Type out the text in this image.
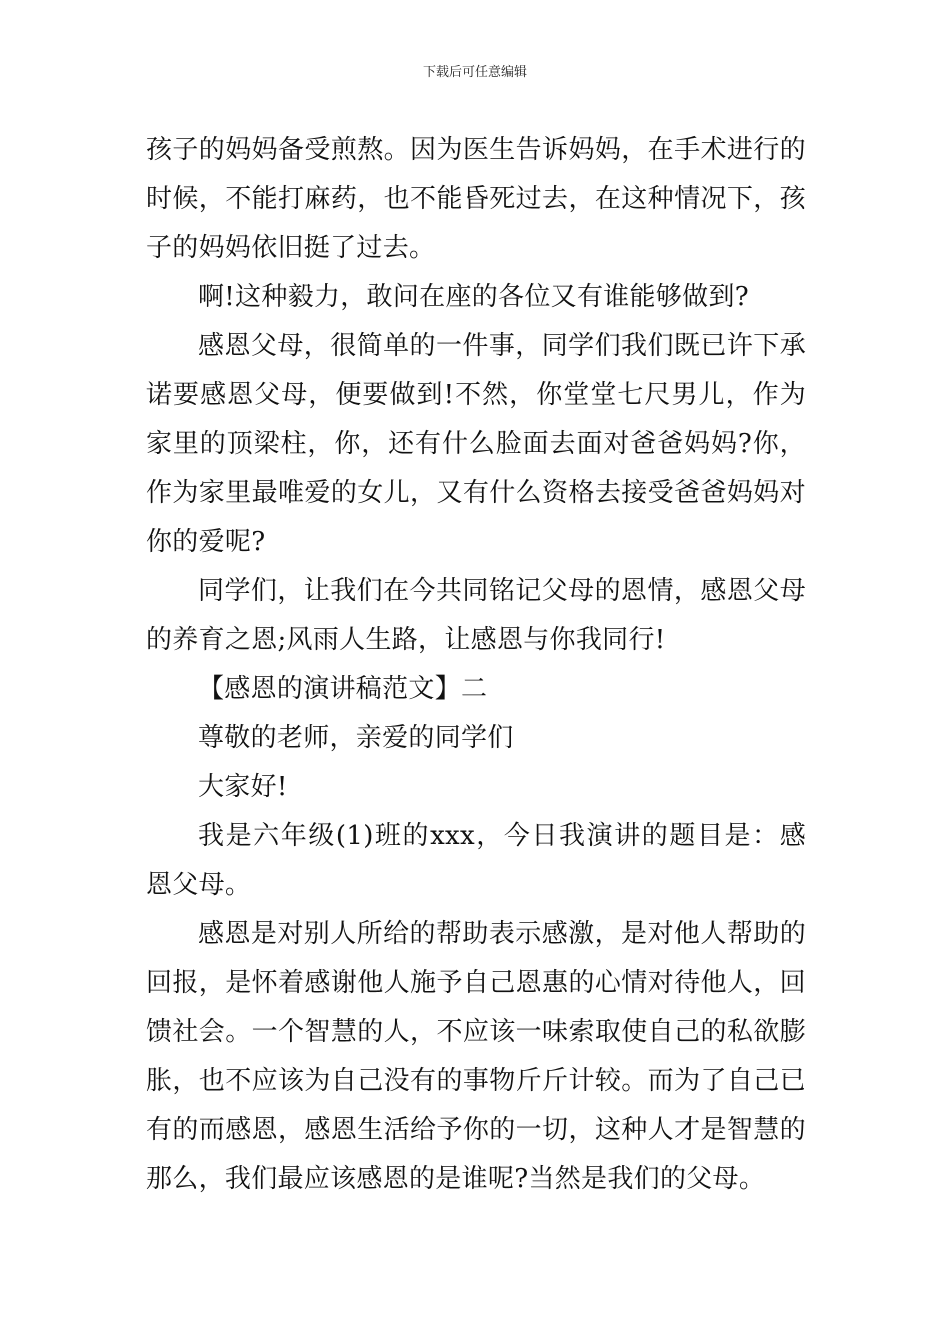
下载后可任意编辑

孩子的妈妈备受煎熬。因为医生告诉妈妈，在手术进行的时候，不能打麻药，也不能昏死过去，在这种情况下，孩子的妈妈依旧挺了过去。

啊!这种毅力，敢问在座的各位又有谁能够做到?

感恩父母，很简单的一件事，同学们我们既已许下承诺要感恩父母，便要做到!不然，你堂堂七尺男儿，作为家里的顶梁柱，你，还有什么脸面去面对爸爸妈妈?你，作为家里最唯爱的女儿，又有什么资格去接受爸爸妈妈对你的爱呢?

同学们，让我们在今共同铭记父母的恩情，感恩父母的养育之恩;风雨人生路，让感恩与你我同行!

【感恩的演讲稿范文】二

尊敬的老师，亲爱的同学们

大家好!

我是六年级(1)班的xxx，今日我演讲的题目是：感恩父母。

感恩是对别人所给的帮助表示感激，是对他人帮助的回报，是怀着感谢他人施予自己恩惠的心情对待他人，回馈社会。一个智慧的人，不应该一味索取使自己的私欲膨胀，也不应该为自己没有的事物斤斤计较。而为了自己已有的而感恩，感恩生活给予你的一切，这种人才是智慧的那么，我们最应该感恩的是谁呢?当然是我们的父母。
